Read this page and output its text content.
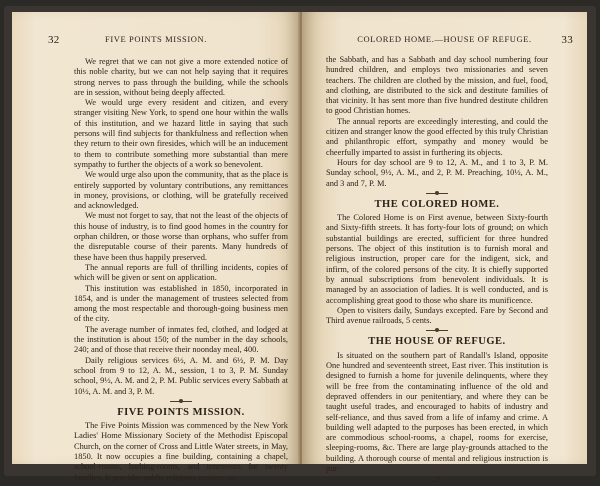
32	FIVE POINTS MISSION.

We regret that we can not give a more extended notice of this noble charity, but we can not help saying that it requires strong nerves to pass through the building, while the schools are in session, without being deeply affected.

We would urge every resident and citizen, and every stranger visiting New York, to spend one hour within the walls of this institution, and we hazard little in saying that such persons will find subjects for thankfulness and reflection when they return to their own firesides, which will be an inducement to them to contribute something more substantial than mere sympathy to further the objects of a work so benevolent.

We would urge also upon the community, that as the place is entirely supported by voluntary contributions, any remittances in money, provisions, or clothing, will be gratefully received and acknowledged.

We must not forget to say, that not the least of the objects of this house of industry, is to find good homes in the country for orphan children, or those worse than orphans, who suffer from the disreputable course of their parents. Many hundreds of these have been thus happily preserved.

The annual reports are full of thrilling incidents, copies of which will be given or sent on application.

This institution was established in 1850, incorporated in 1854, and is under the management of trustees selected from among the most respectable and thorough-going business men of the city.

The average number of inmates fed, clothed, and lodged at the institution is about 150; of the number in the day schools, 240; and of those that receive their noonday meal, 400.

Daily religious services 6½, A. M. and 6½, P. M. Day school from 9 to 12, A. M., session, 1 to 3, P. M. Sunday school, 9½, A. M. and 2, P. M. Public services every Sabbath at 10½, A. M. and 3, P. M.

FIVE POINTS MISSION.

The Five Points Mission was commenced by the New York Ladies' Home Missionary Society of the Methodist Episcopal Church, on the corner of Cross and Little Water streets, in May, 1850. It now occupies a fine building, containing a chapel, school-rooms, bathing-rooms, and tenements for twenty families. It provides public religious services on

COLORED HOME.—HOUSE OF REFUGE.	33

the Sabbath, and has a Sabbath and day school numbering four hundred children, and employs two missionaries and seven teachers. The children are clothed by the mission, and fuel, food, and clothing, are distributed to the sick and destitute families of that vicinity. It has sent more than five hundred destitute children to good Christian homes.

The annual reports are exceedingly interesting, and could the citizen and stranger know the good effected by this truly Christian and philanthropic effort, sympathy and money would be cheerfully imparted to assist in furthering its objects.

Hours for day school are 9 to 12, A. M., and 1 to 3, P. M. Sunday school, 9½, A. M., and 2, P. M. Preaching, 10½, A. M., and 3 and 7, P. M.

THE COLORED HOME.

The Colored Home is on First avenue, between Sixty-fourth and Sixty-fifth streets. It has forty-four lots of ground; on which substantial buildings are erected, sufficient for three hundred persons. The object of this institution is to furnish moral and religious instruction, proper care for the indigent, sick, and infirm, of the colored persons of the city. It is chiefly supported by annual subscriptions from benevolent individuals. It is managed by an association of ladies. It is well conducted, and is accomplishing great good to those who share its munificence.

Open to visiters daily, Sundays excepted. Fare by Second and Third avenue railroads, 5 cents.

THE HOUSE OF REFUGE.

Is situated on the southern part of Randall's Island, opposite One hundred and seventeenth street, East river. This institution is designed to furnish a home for juvenile delinquents, where they will be free from the contaminating influence of the old and depraved offenders in our penitentiary, and where they can be taught useful trades, and encouraged to habits of industry and self-reliance, and thus saved from a life of infamy and crime. A building well adapted to the purposes has been erected, in which are commodious school-rooms, a chapel, rooms for exercise, sleeping-rooms, &c. There are large play-grounds attached to the building. A thorough course of mental and religious instruction is pur-

2*
